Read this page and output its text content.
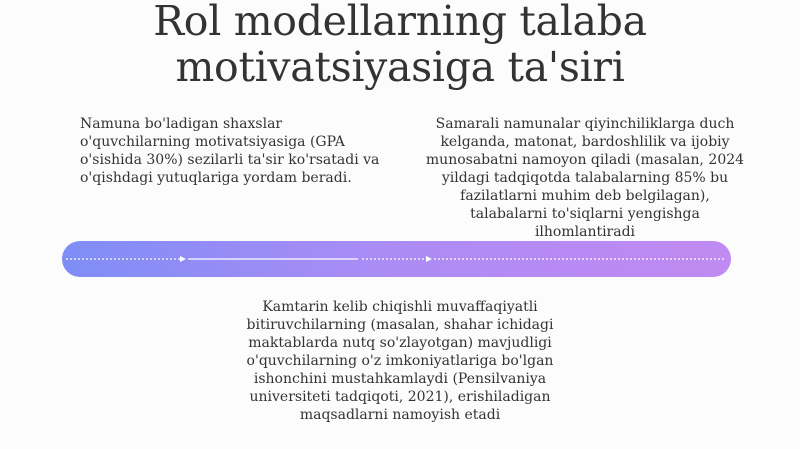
Rol modellarning talaba
motivatsiyasiga ta'siri
Namuna bo'ladigan shaxslar o'quvchilarning motivatsiyasiga (GPA o'sishida 30%) sezilarli ta'sir ko'rsatadi va o'qishdagi yutuqlariga yordam beradi.
Samarali namunalar qiyinchiliklarga duch kelganda, matonat, bardoshlilik va ijobiy munosabatni namoyon qiladi (masalan, 2024 yildagi tadqiqotda talabalarning 85% bu fazilatlarni muhim deb belgilagan), talabalarni to'siqlarni yengishga ilhomlantiradi
Kamtarin kelib chiqishli muvaffaqiyatli bitiruvchilarning (masalan, shahar ichidagi maktablarda nutq so'zlayotgan) mavjudligi o'quvchilarning o'z imkoniyatlariga bo'lgan ishonchini mustahkamlaydi (Pensilvaniya universiteti tadqiqoti, 2021), erishiladigan maqsadlarni namoyish etadi
